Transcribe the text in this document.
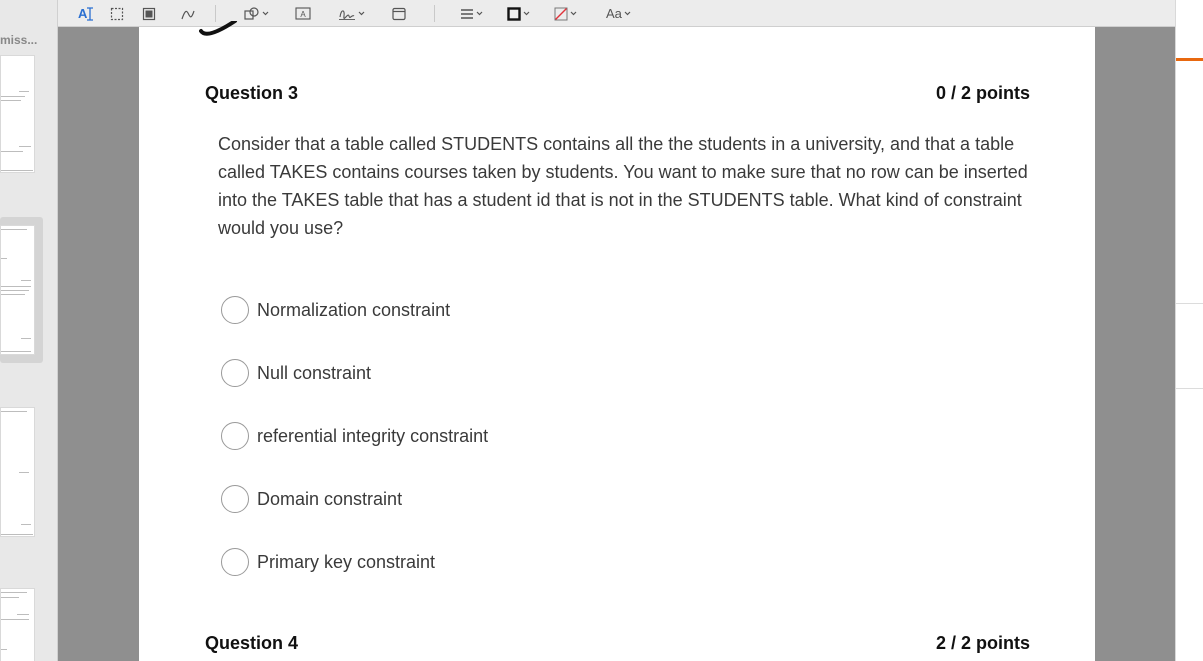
miss...
A	A	Aa
Question 3	0 / 2 points
Consider that a table called STUDENTS contains all the the students in a university, and that a table called TAKES contains courses taken by students. You want to make sure that no row can be inserted into the TAKES table that has a student id that is not in the STUDENTS table. What kind of constraint would you use?
Normalization constraint
Null constraint
referential integrity constraint
Domain constraint
Primary key constraint
Question 4	2 / 2 points
